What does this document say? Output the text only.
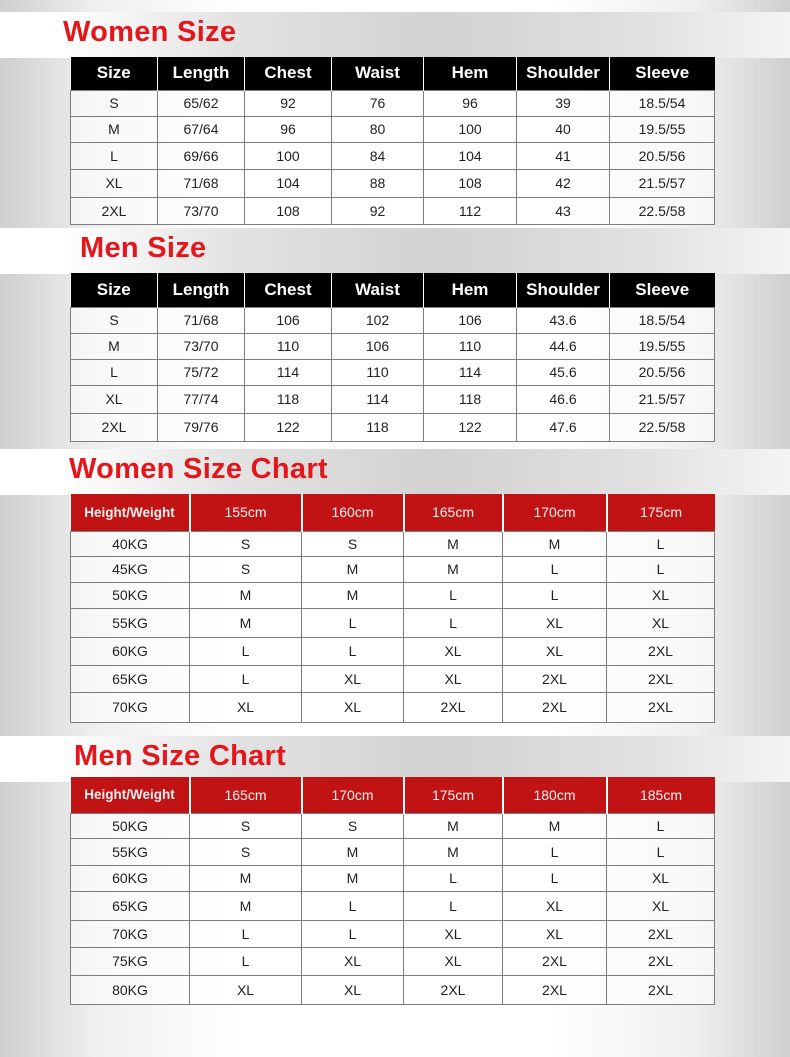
Women Size
Size	Length	Chest	Waist	Hem	Shoulder	Sleeve
S	65/62	92	76	96	39	18.5/54
M	67/64	96	80	100	40	19.5/55
L	69/66	100	84	104	41	20.5/56
XL	71/68	104	88	108	42	21.5/57
2XL	73/70	108	92	112	43	22.5/58
Men Size
Size	Length	Chest	Waist	Hem	Shoulder	Sleeve
S	71/68	106	102	106	43.6	18.5/54
M	73/70	110	106	110	44.6	19.5/55
L	75/72	114	110	114	45.6	20.5/56
XL	77/74	118	114	118	46.6	21.5/57
2XL	79/76	122	118	122	47.6	22.5/58
Women Size Chart
Height/Weight	155cm	160cm	165cm	170cm	175cm
40KG	S	S	M	M	L
45KG	S	M	M	L	L
50KG	M	M	L	L	XL
55KG	M	L	L	XL	XL
60KG	L	L	XL	XL	2XL
65KG	L	XL	XL	2XL	2XL
70KG	XL	XL	2XL	2XL	2XL
Men Size Chart
Height/Weight	165cm	170cm	175cm	180cm	185cm
50KG	S	S	M	M	L
55KG	S	M	M	L	L
60KG	M	M	L	L	XL
65KG	M	L	L	XL	XL
70KG	L	L	XL	XL	2XL
75KG	L	XL	XL	2XL	2XL
80KG	XL	XL	2XL	2XL	2XL
